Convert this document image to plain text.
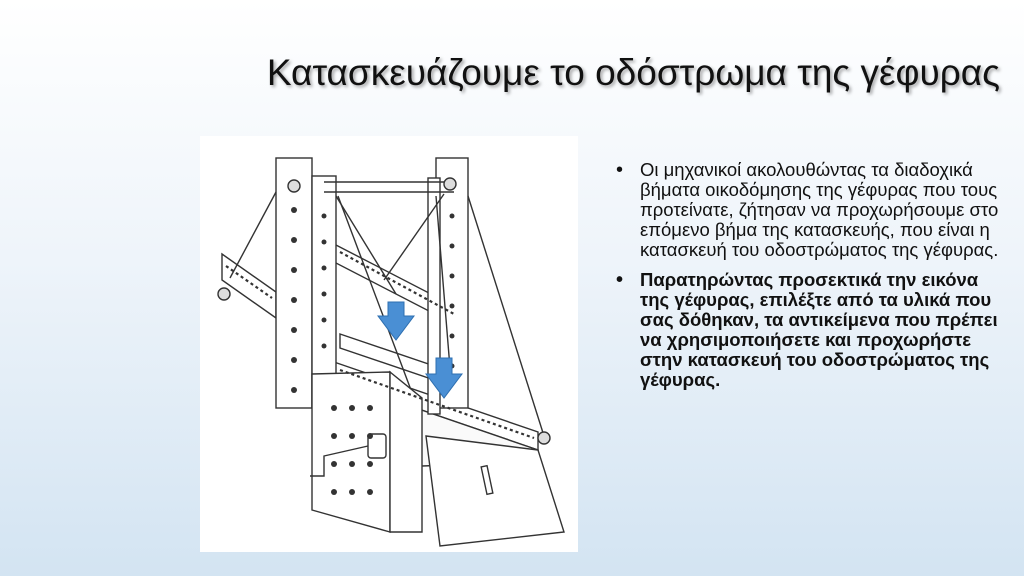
Κατασκευάζουμε το οδόστρωμα της γέφυρας
• Οι μηχανικοί ακολουθώντας τα διαδοχικά βήματα οικοδόμησης της γέφυρας που τους προτείνατε, ζήτησαν να προχωρήσουμε στο επόμενο βήμα της κατασκευής, που είναι η κατασκευή του οδοστρώματος της γέφυρας.
• Παρατηρώντας προσεκτικά την εικόνα της γέφυρας, επιλέξτε από τα υλικά που σας δόθηκαν, τα αντικείμενα που πρέπει να χρησιμοποιήσετε και προχωρήστε στην κατασκευή του οδοστρώματος της γέφυρας.
